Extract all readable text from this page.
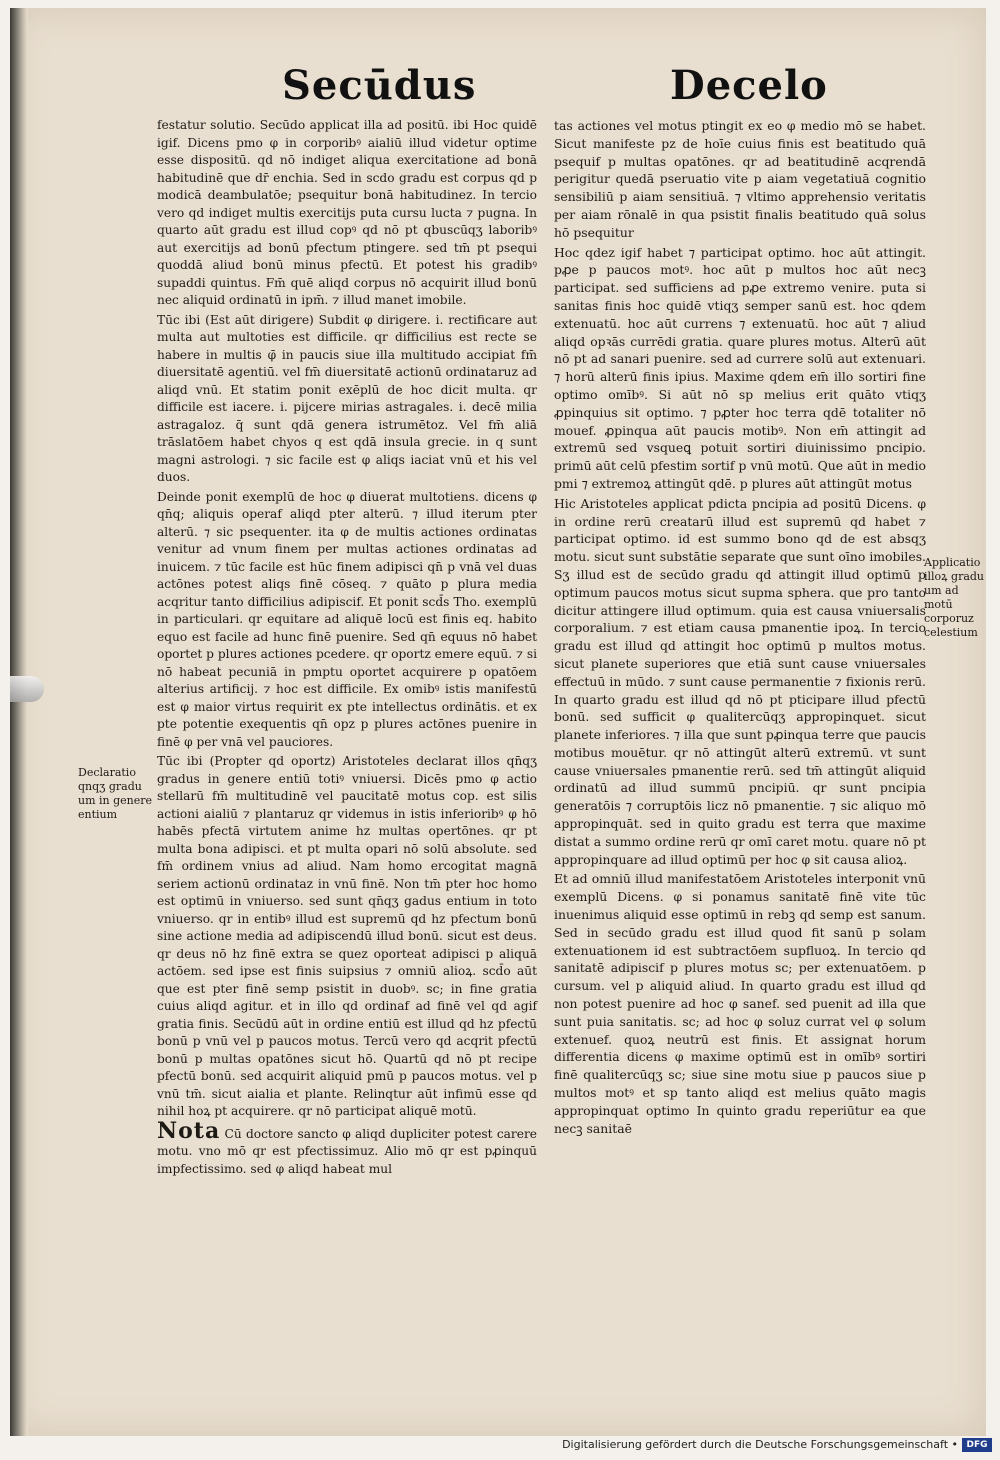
Secūdus	Decelo
Declaratio qnqʒ gradu um in genere entium
Applicatio illoꝝ gradu um ad motū corporuz celestium

festatur solutio. Secūdo applicat illa ad positū. ibi Hoc quidē igif. Dicens pmo φ in corporibꝰ aialiū illud videtur optime esse dispositū. qd nō indiget aliqua exercitatione ad bonā habitudinē que dr̄ enchia. Sed in scdo gradu est corpus qd p modicā deambulatōe; psequitur bonā habitudinez. In tercio vero qd indiget multis exercitijs puta cursu lucta ⁊ pugna. In quarto aūt gradu est illud copꝰ qd nō pt qbuscūqʒ laboribꝰ aut exercitijs ad bonū pfectum ptingere. sed tm̄ pt psequi quoddā aliud bonū minus pfectū. Et potest his gradibꝰ supaddi quintus. Fm̄ quē aliqd corpus nō acquirit illud bonū nec aliquid ordinatū in ipm̄. ⁊ illud manet imobile.

Tūc ibi (Est aūt dirigere) Subdit φ dirigere. i. rectificare aut multa aut multoties est difficile. qr difficilius est recte se habere in multis φ̄ in paucis siue illa multitudo accipiat fm̄ diuersitatē agentiū. vel fm̄ diuersitatē actionū ordinataruz ad aliqd vnū. Et statim ponit exēplū de hoc dicit multa. qr difficile est iacere. i. pijcere mirias astragales. i. decē milia astragaloz. q̄ sunt qdā genera istrumētoz. Vel fm̄ aliā trāslatōem habet chyos q est qdā insula grecie. in q sunt magni astrologi. ⁊ sic facile est φ aliqs iaciat vnū et his vel duos.

Deinde ponit exemplū de hoc φ diuerat multotiens. dicens φ qn̄q; aliquis operaf aliqd pter alterū. ⁊ illud iterum pter alterū. ⁊ sic psequenter. ita φ de multis actiones ordinatas venitur ad vnum finem per multas actiones ordinatas ad inuicem. ⁊ tūc facile est hūc finem adipisci qn̄ p vnā vel duas actōnes potest aliqs finē cōseq. ⁊ quāto p plura media acqritur tanto difficilius adipiscif. Et ponit scd̄s Tho. exemplū in particulari. qr equitare ad aliquē locū est finis eq. habito equo est facile ad hunc finē puenire. Sed qn̄ equus nō habet oportet p plures actiones pcedere. qr oportz emere equū. ⁊ si nō habeat pecuniā in pmptu oportet acquirere p opatōem alterius artificij. ⁊ hoc est difficile. Ex omibꝰ istis manifestū est φ maior virtus requirit ex pte intellectus ordinātis. et ex pte potentie exequentis qn̄ opz p plures actōnes puenire in finē φ per vnā vel pauciores.

Tūc ibi (Propter qd oportz) Aristoteles declarat illos qn̄qʒ gradus in genere entiū totiꝰ vniuersi. Dicēs pmo φ actio stellarū fm̄ multitudinē vel paucitatē motus cop. est silis actioni aialiū ⁊ plantaruz qr videmus in istis inferioribꝰ φ hō habēs pfectā virtutem anime hz multas opertōnes. qr pt multa bona adipisci. et pt multa opari nō solū absolute. sed fm̄ ordinem vnius ad aliud. Nam homo ercogitat magnā seriem actionū ordinataz in vnū finē. Non tm̄ pter hoc homo est optimū in vniuerso. sed sunt qn̄qʒ gadus entium in toto vniuerso. qr in entibꝰ illud est supremū qd hz pfectum bonū sine actione media ad adipiscendū illud bonū. sicut est deus. qr deus nō hz finē extra se quez oporteat adipisci p aliquā actōem. sed ipse est finis suipsius ⁊ omniū alioꝝ. scd̄o aūt que est pter finē semp psistit in duobꝰ. sc; in fine gratia cuius aliqd agitur. et in illo qd ordinaf ad finē vel qd agif gratia finis. Secūdū aūt in ordine entiū est illud qd hz pfectū bonū p vnū vel p paucos motus. Tercū vero qd acqrit pfectū bonū p multas opatōnes sicut hō. Quartū qd nō pt recipe pfectū bonū. sed acquirit aliquid pmū p paucos motus. vel p vnū tm̄. sicut aialia et plante. Relinqtur aūt infimū esse qd nihil hoꝝ pt acquirere. qr nō participat aliquē motū.

Nota Cū doctore sancto φ aliqd dupliciter potest carere motu. vno mō qr est pfectissimuz. Alio mō qr est pꝓinquū impfectissimo. sed φ aliqd habeat mul

tas actiones vel motus ptingit ex eo φ medio mō se habet. Sicut manifeste pz de hoīe cuius finis est beatitudo quā psequif p multas opatōnes. qr ad beatitudinē acqrendā perigitur quedā pseruatio vite p aiam vegetatiuā cognitio sensibiliū p aiam sensitiuā. ⁊ vltimo apprehensio veritatis per aiam rōnalē in qua psistit finalis beatitudo quā solus hō psequitur

Hoc qdez igif habet ⁊ participat optimo. hoc aūt attingit. pꝓe p paucos motꝰ. hoc aūt p multos hoc aūt necꝫ participat. sed sufficiens ad pꝓe extremo venire. puta si sanitas finis hoc quidē vtiqʒ semper sanū est. hoc qdem extenuatū. hoc aūt currens ⁊ extenuatū. hoc aūt ⁊ aliud aliqd opꝛās currēdi gratia. quare plures motus. Alterū aūt nō pt ad sanari puenire. sed ad currere solū aut extenuari. ⁊ horū alterū finis ipius. Maxime qdem em̄ illo sortiri fine optimo omībꝰ. Si aūt nō sp melius erit quāto vtiqʒ ꝓpinquius sit optimo. ⁊ pꝓter hoc terra qdē totaliter nō mouef. ꝓpinqua aūt paucis motibꝰ. Non em̄ attingit ad extremū sed vsqueꝗ potuit sortiri diuinissimo pncipio. primū aūt celū pfestim sortif p vnū motū. Que aūt in medio pmi ⁊ extremoꝝ attingūt qdē. p plures aūt attingūt motus

Hic Aristoteles applicat pdicta pncipia ad positū Dicens. φ in ordine rerū creatarū illud est supremū qd habet ⁊ participat optimo. id est summo bono qd de est absqʒ motu. sicut sunt substātie separate que sunt oīno imobiles. Sʒ illud est de secūdo gradu qd attingit illud optimū p optimum paucos motus sicut supma sphera. que pro tanto dicitur attingere illud optimum. quia est causa vniuersalis corporalium. ⁊ est etiam causa pmanentie ipoꝝ. In tercio gradu est illud qd attingit hoc optimū p multos motus. sicut planete superiores que etiā sunt cause vniuersales effectuū in mūdo. ⁊ sunt cause permanentie ⁊ fixionis rerū. In quarto gradu est illud qd nō pt pticipare illud pfectū bonū. sed sufficit φ qualitercūqʒ appropinquet. sicut planete inferiores. ⁊ illa que sunt pꝓinqua terre que paucis motibus mouētur. qr nō attingūt alterū extremū. vt sunt cause vniuersales pmanentie rerū. sed tm̄ attingūt aliquid ordinatū ad illud summū pncipiū. qr sunt pncipia generatōis ⁊ corruptōis licz nō pmanentie. ⁊ sic aliquo mō appropinquāt. sed in quito gradu est terra que maxime distat a summo ordine rerū qr omī caret motu. quare nō pt appropinquare ad illud optimū per hoc φ sit causa alioꝝ.

Et ad omniū illud manifestatōem Aristoteles interponit vnū exemplū Dicens. φ si ponamus sanitatē finē vite tūc inuenimus aliquid esse optimū in rebꝫ qd semp est sanum. Sed in secūdo gradu est illud quod fit sanū p solam extenuationem id est subtractōem supfluoꝝ. In tercio qd sanitatē adipiscif p plures motus sc; per extenuatōem. p cursum. vel p aliquid aliud. In quarto gradu est illud qd non potest puenire ad hoc φ sanef. sed puenit ad illa que sunt puia sanitatis. sc; ad hoc φ soluz currat vel φ solum extenuef. quoꝝ neutrū est finis. Et assignat horum differentia dicens φ maxime optimū est in omībꝰ sortiri finē qualitercūqʒ sc; siue sine motu siue p paucos siue p multos motꝰ et sp tanto aliqd est melius quāto magis appropinquat optimo In quinto gradu reperiūtur ea que necꝫ sanitaē

Digitalisierung gefördert durch die Deutsche Forschungsgemeinschaft • DFG
